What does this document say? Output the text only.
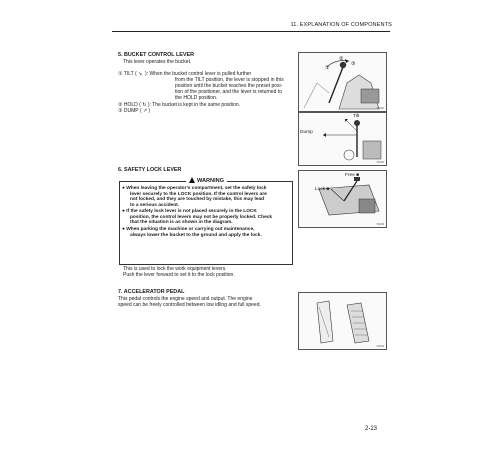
11. EXPLANATION OF COMPONENTS
5. BUCKET CONTROL LEVER
This lever operates the bucket.
① TILT ( ↘ ): When the bucket control lever is pulled further
from the TILT position, the lever is stopped in this
position until the bucket reaches the preset posi-
tion of the positioner, and the lever is returned to
the HOLD position.
② HOLD ( ↻ ): The bucket is kept in the same position.
③ DUMP ( ↗ )
①
②
③
74001
Tilt
Dump
74002
6. SAFETY LOCK LEVER
WARNING
● When leaving the operator’s compartment, set the safety lock
lever securely to the LOCK position. If the control levers are
not locked, and they are touched by mistake, this may lead
to a serious accident.
● If the safety lock lever is not placed securely in the LOCK
position, the control levers may not be properly locked. Check
that the situation is as shown in the diagram.
● When parking the machine or carrying out maintenance,
always lower the bucket to the ground and apply the lock.
This is used to lock the work equipment levers.
Push the lever forward to set it to the lock position.
Free ■
Lock ■
74003
7. ACCELERATOR PEDAL
This pedal controls the engine speed and output. The engine
speed can be freely controlled between low idling and full speed.
74004
2-23
